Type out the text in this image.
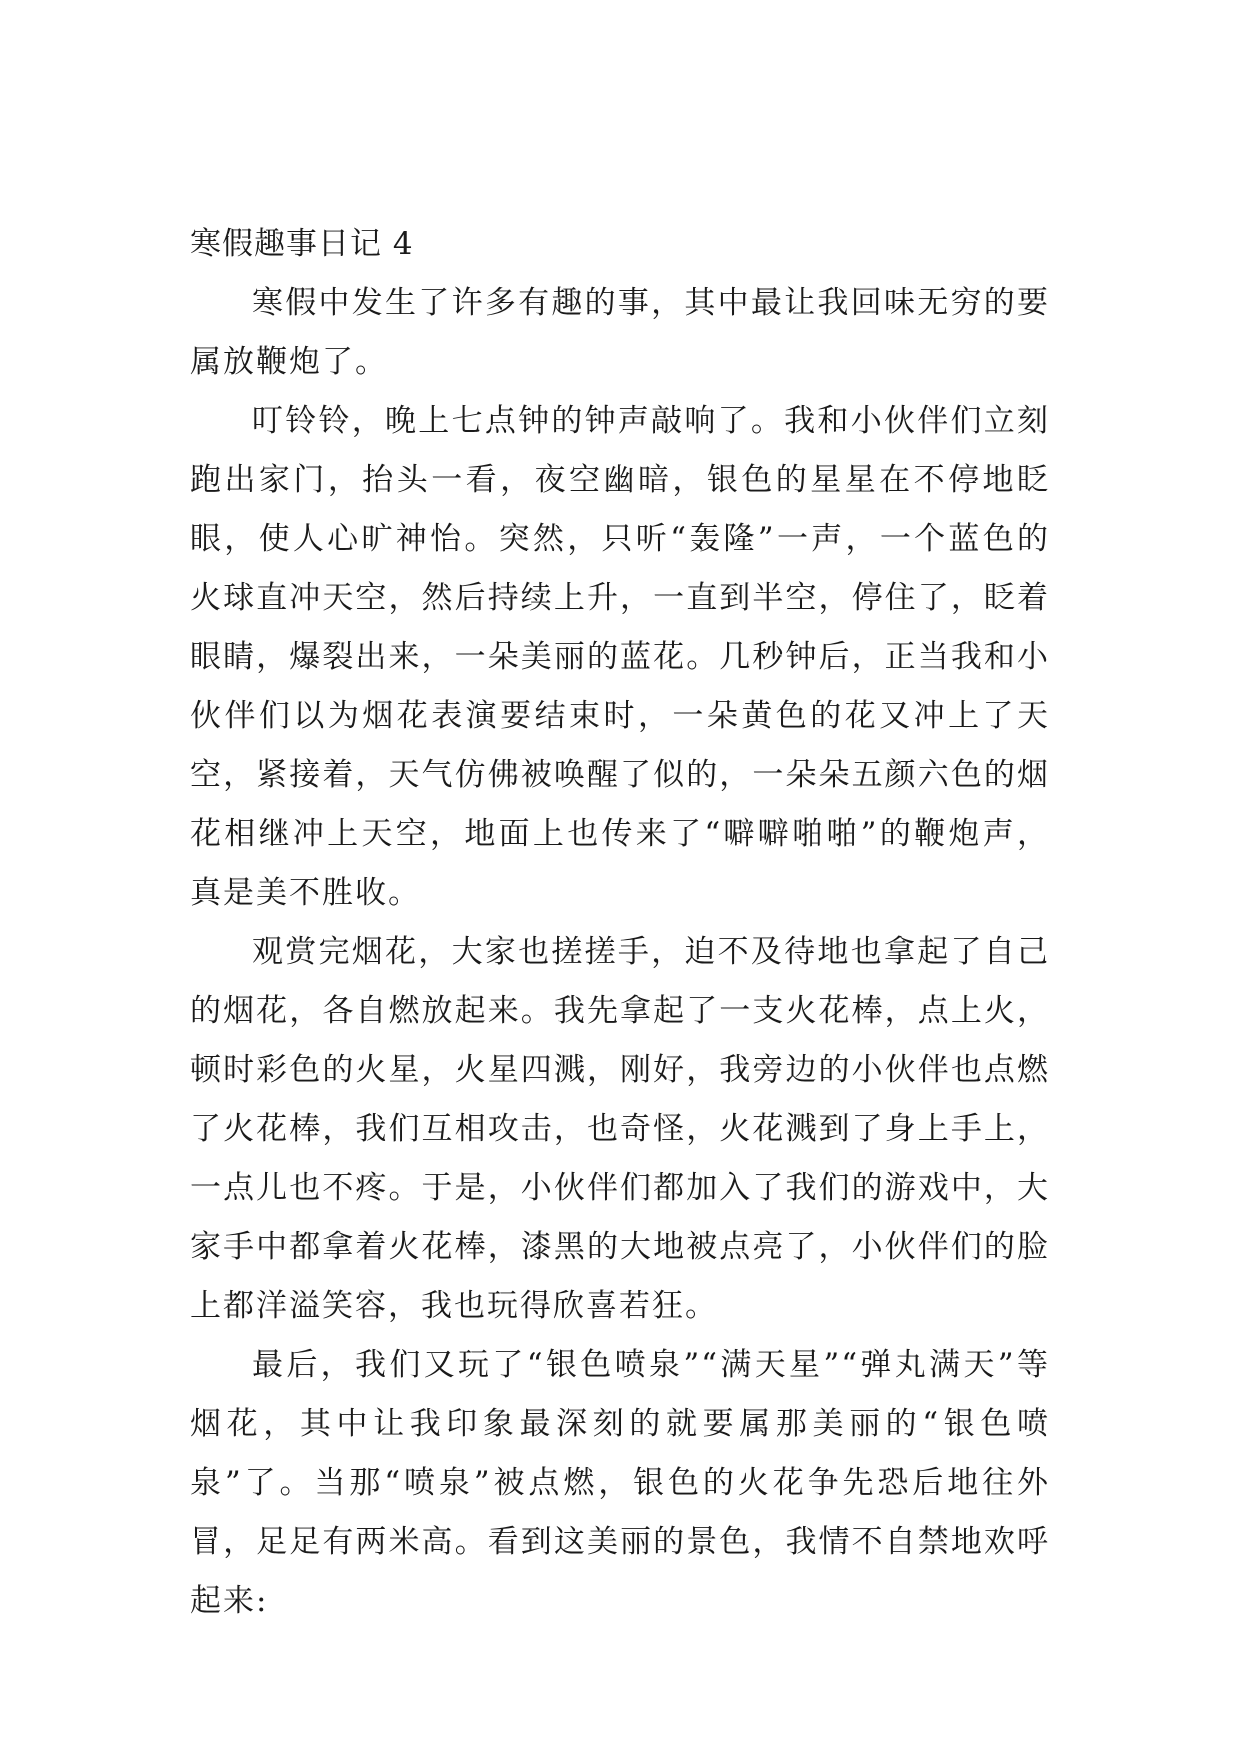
寒假趣事日记 4

寒假中发生了许多有趣的事，其中最让我回味无穷的要属放鞭炮了。

叮铃铃，晚上七点钟的钟声敲响了。我和小伙伴们立刻跑出家门，抬头一看，夜空幽暗，银色的星星在不停地眨眼，使人心旷神怡。突然，只听“轰隆”一声，一个蓝色的火球直冲天空，然后持续上升，一直到半空，停住了，眨着眼睛，爆裂出来，一朵美丽的蓝花。几秒钟后，正当我和小伙伴们以为烟花表演要结束时，一朵黄色的花又冲上了天空，紧接着，天气仿佛被唤醒了似的，一朵朵五颜六色的烟花相继冲上天空，地面上也传来了“噼噼啪啪”的鞭炮声，真是美不胜收。

观赏完烟花，大家也搓搓手，迫不及待地也拿起了自己的烟花，各自燃放起来。我先拿起了一支火花棒，点上火，顿时彩色的火星，火星四溅，刚好，我旁边的小伙伴也点燃了火花棒，我们互相攻击，也奇怪，火花溅到了身上手上，一点儿也不疼。于是，小伙伴们都加入了我们的游戏中，大家手中都拿着火花棒，漆黑的大地被点亮了，小伙伴们的脸上都洋溢笑容，我也玩得欣喜若狂。

最后，我们又玩了“银色喷泉”“满天星”“弹丸满天”等烟花，其中让我印象最深刻的就要属那美丽的“银色喷泉”了。当那“喷泉”被点燃，银色的火花争先恐后地往外冒，足足有两米高。看到这美丽的景色，我情不自禁地欢呼起来:
